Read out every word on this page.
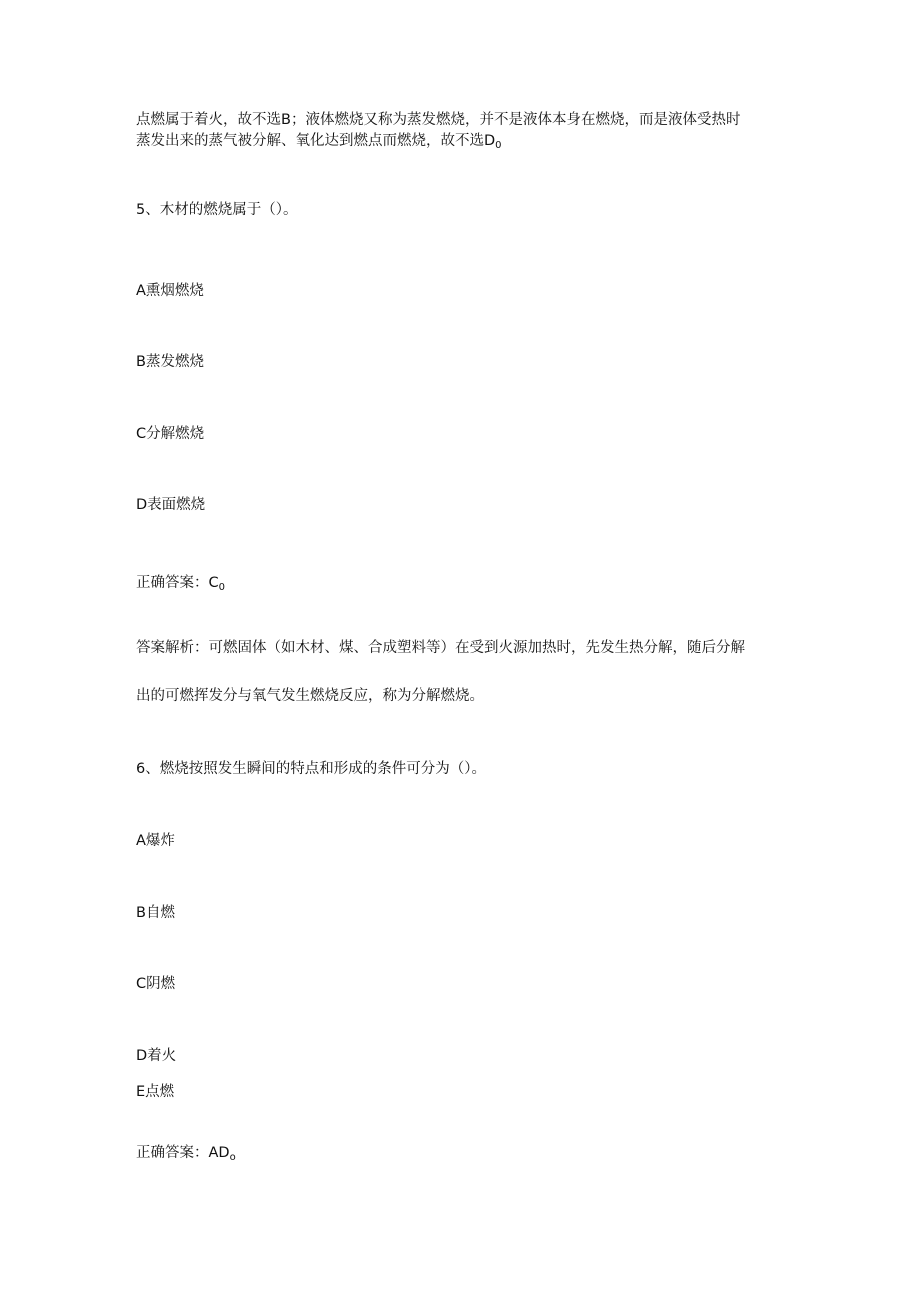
点燃属于着火，故不选B；液体燃烧又称为蒸发燃烧，并不是液体本身在燃烧，而是液体受热时
蒸发出来的蒸气被分解、氧化达到燃点而燃烧，故不选$D_0$
5、木材的燃烧属于（）。
A熏烟燃烧
B蒸发燃烧
C分解燃烧
D表面燃烧
正确答案：$C_0$
答案解析：可燃固体（如木材、煤、合成塑料等）在受到火源加热时，先发生热分解，随后分解
出的可燃挥发分与氧气发生燃烧反应，称为分解燃烧。
6、燃烧按照发生瞬间的特点和形成的条件可分为（）。
A爆炸
B自燃
C阴燃
D着火
E点燃
正确答案：$AD_o$
